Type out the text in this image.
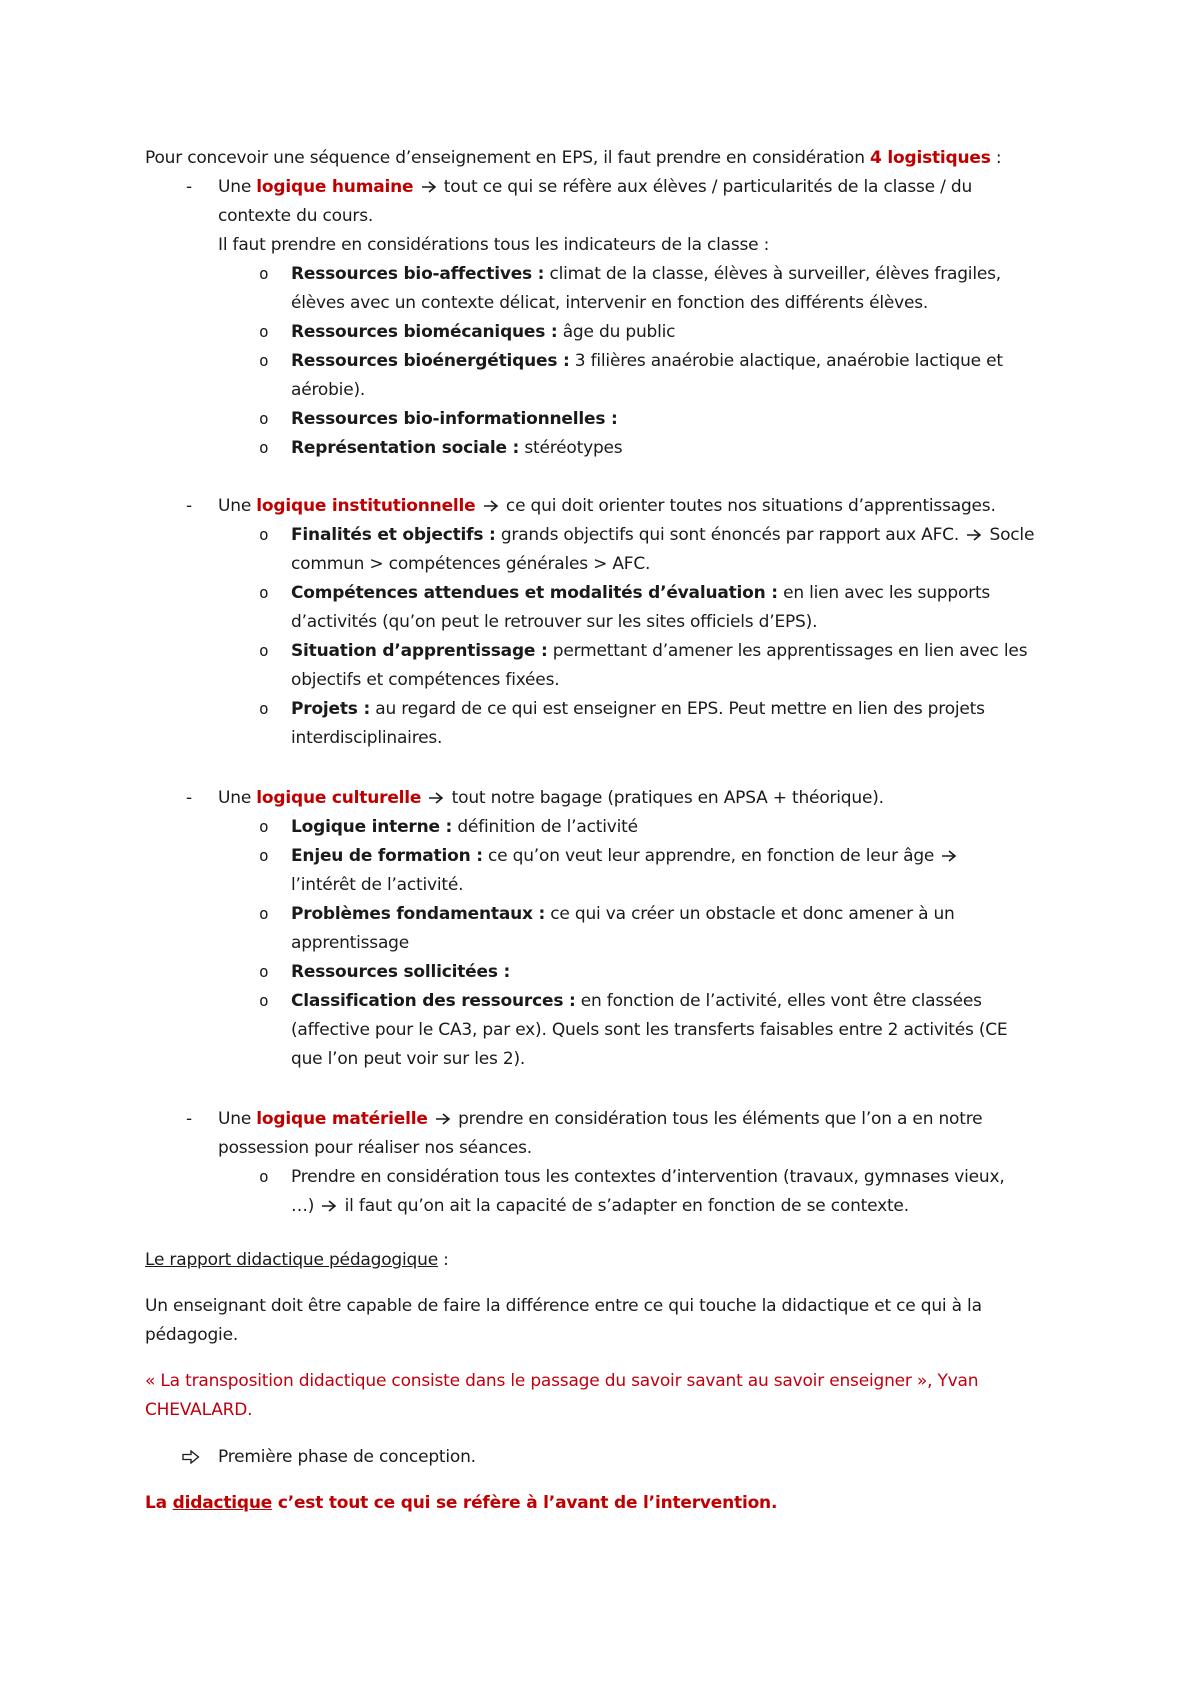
Pour concevoir une séquence d’enseignement en EPS, il faut prendre en considération 4 logistiques :
- Une logique humaine  tout ce qui se réfère aux élèves / particularités de la classe / du
contexte du cours.
Il faut prendre en considérations tous les indicateurs de la classe :
o Ressources bio-affectives : climat de la classe, élèves à surveiller, élèves fragiles,
élèves avec un contexte délicat, intervenir en fonction des différents élèves.
o Ressources biomécaniques : âge du public
o Ressources bioénergétiques : 3 filières anaérobie alactique, anaérobie lactique et
aérobie).
o Ressources bio-informationnelles :
o Représentation sociale : stéréotypes
- Une logique institutionnelle  ce qui doit orienter toutes nos situations d’apprentissages.
o Finalités et objectifs : grands objectifs qui sont énoncés par rapport aux AFC.  Socle
commun > compétences générales > AFC.
o Compétences attendues et modalités d’évaluation : en lien avec les supports
d’activités (qu’on peut le retrouver sur les sites officiels d’EPS).
o Situation d’apprentissage : permettant d’amener les apprentissages en lien avec les
objectifs et compétences fixées.
o Projets : au regard de ce qui est enseigner en EPS. Peut mettre en lien des projets
interdisciplinaires.
- Une logique culturelle  tout notre bagage (pratiques en APSA + théorique).
o Logique interne : définition de l’activité
o Enjeu de formation : ce qu’on veut leur apprendre, en fonction de leur âge
l’intérêt de l’activité.
o Problèmes fondamentaux : ce qui va créer un obstacle et donc amener à un
apprentissage
o Ressources sollicitées :
o Classification des ressources : en fonction de l’activité, elles vont être classées
(affective pour le CA3, par ex). Quels sont les transferts faisables entre 2 activités (CE
que l’on peut voir sur les 2).
- Une logique matérielle  prendre en considération tous les éléments que l’on a en notre
possession pour réaliser nos séances.
o Prendre en considération tous les contextes d’intervention (travaux, gymnases vieux,
…)  il faut qu’on ait la capacité de s’adapter en fonction de se contexte.
Le rapport didactique pédagogique :
Un enseignant doit être capable de faire la différence entre ce qui touche la didactique et ce qui à la
pédagogie.
« La transposition didactique consiste dans le passage du savoir savant au savoir enseigner », Yvan
CHEVALARD.
Première phase de conception.
La didactique c’est tout ce qui se réfère à l’avant de l’intervention.
